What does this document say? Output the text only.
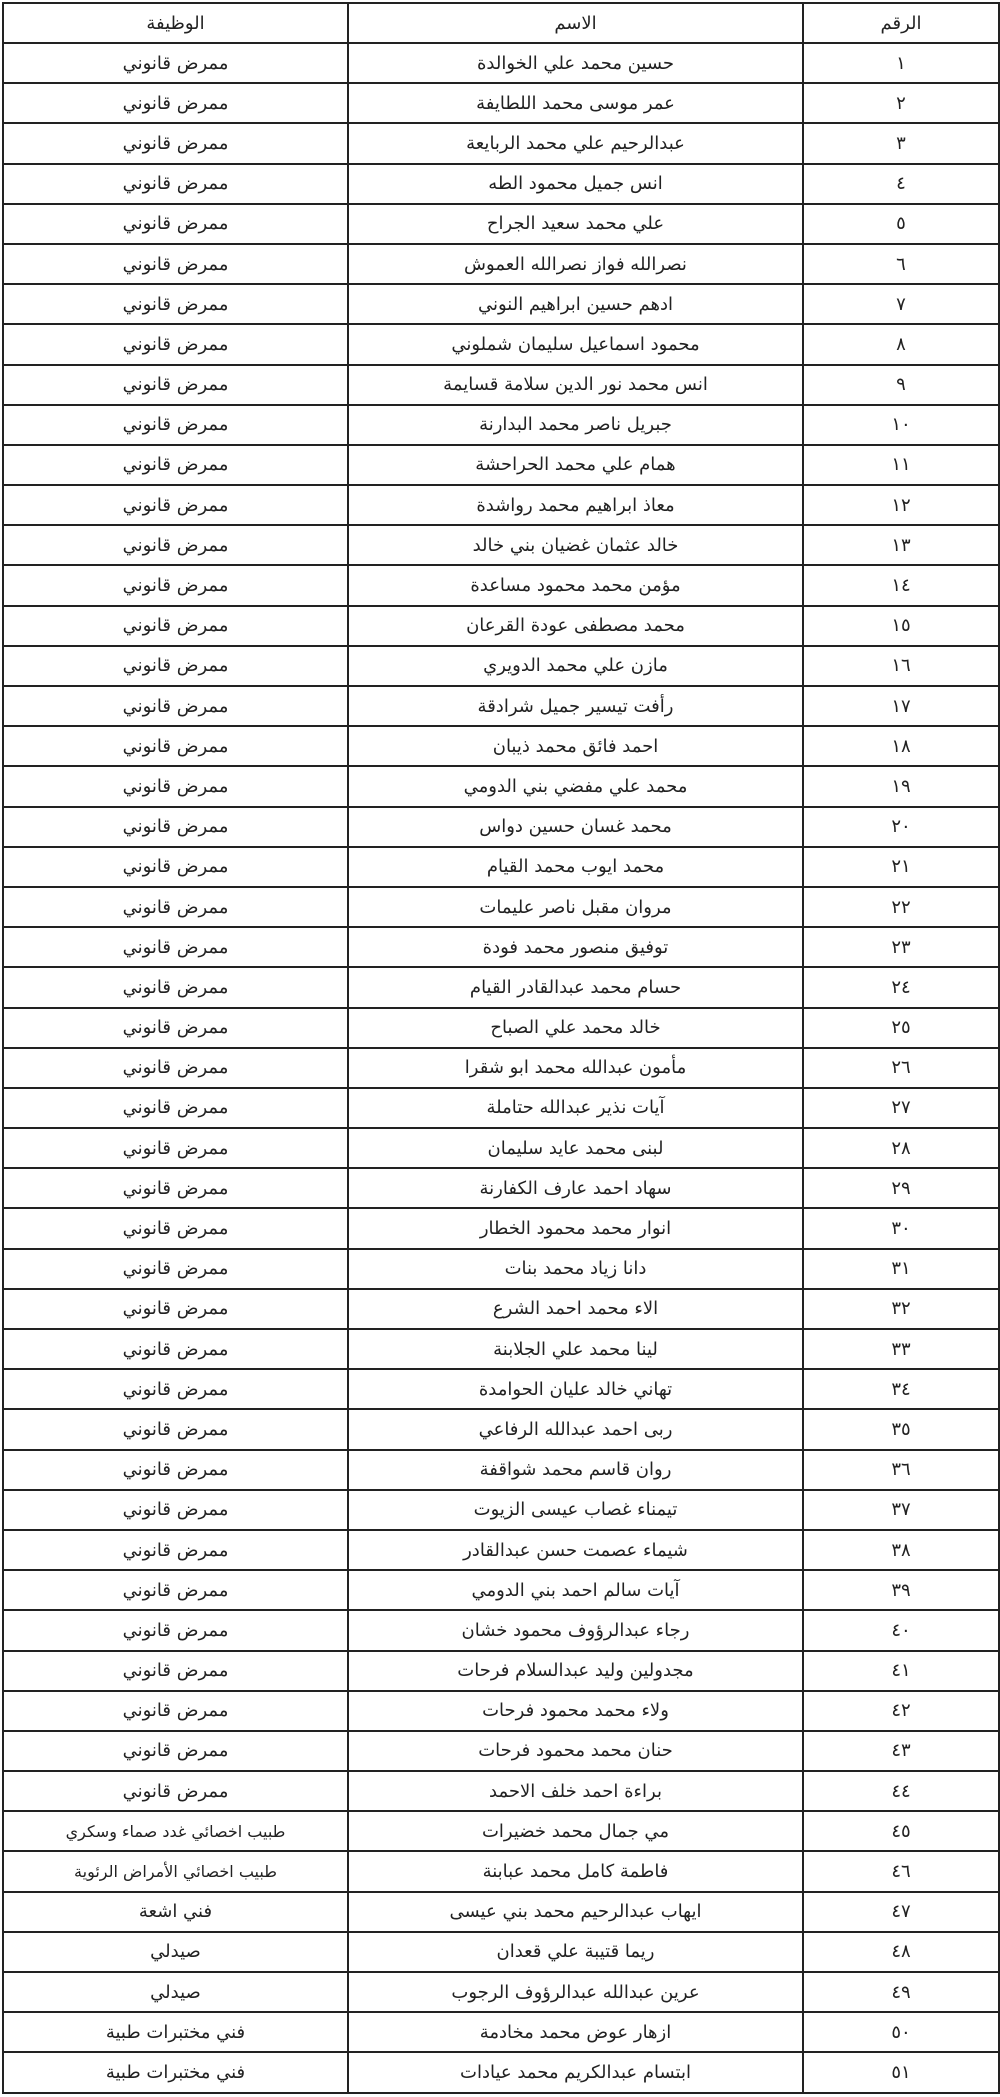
الرقم	الاسم	الوظيفة
١	حسين محمد علي الخوالدة	ممرض قانوني
٢	عمر موسى محمد اللطايفة	ممرض قانوني
٣	عبدالرحيم علي محمد الربايعة	ممرض قانوني
٤	انس جميل محمود الطه	ممرض قانوني
٥	علي محمد سعيد الجراح	ممرض قانوني
٦	نصرالله فواز نصرالله العموش	ممرض قانوني
٧	ادهم حسين ابراهيم النوني	ممرض قانوني
٨	محمود اسماعيل سليمان شملوني	ممرض قانوني
٩	انس محمد نور الدين سلامة قسايمة	ممرض قانوني
١٠	جبريل ناصر محمد البدارنة	ممرض قانوني
١١	همام علي محمد الحراحشة	ممرض قانوني
١٢	معاذ ابراهيم محمد رواشدة	ممرض قانوني
١٣	خالد عثمان غضيان بني خالد	ممرض قانوني
١٤	مؤمن محمد محمود مساعدة	ممرض قانوني
١٥	محمد مصطفى عودة القرعان	ممرض قانوني
١٦	مازن علي محمد الدويري	ممرض قانوني
١٧	رأفت تيسير جميل شرادقة	ممرض قانوني
١٨	احمد فائق محمد ذيبان	ممرض قانوني
١٩	محمد علي مفضي بني الدومي	ممرض قانوني
٢٠	محمد غسان حسين دواس	ممرض قانوني
٢١	محمد ايوب محمد القيام	ممرض قانوني
٢٢	مروان مقبل ناصر عليمات	ممرض قانوني
٢٣	توفيق منصور محمد فودة	ممرض قانوني
٢٤	حسام محمد عبدالقادر القيام	ممرض قانوني
٢٥	خالد محمد علي الصباح	ممرض قانوني
٢٦	مأمون عبدالله محمد ابو شقرا	ممرض قانوني
٢٧	آيات نذير عبدالله حتاملة	ممرض قانوني
٢٨	لبنى محمد عايد سليمان	ممرض قانوني
٢٩	سهاد احمد عارف الكفارنة	ممرض قانوني
٣٠	انوار محمد محمود الخطار	ممرض قانوني
٣١	دانا زياد محمد بنات	ممرض قانوني
٣٢	الاء محمد احمد الشرع	ممرض قانوني
٣٣	لينا محمد علي الجلابنة	ممرض قانوني
٣٤	تهاني خالد عليان الحوامدة	ممرض قانوني
٣٥	ربى احمد عبدالله الرفاعي	ممرض قانوني
٣٦	روان قاسم محمد شواقفة	ممرض قانوني
٣٧	تيمناء غصاب عيسى الزيوت	ممرض قانوني
٣٨	شيماء عصمت حسن عبدالقادر	ممرض قانوني
٣٩	آيات سالم احمد بني الدومي	ممرض قانوني
٤٠	رجاء عبدالرؤوف محمود خشان	ممرض قانوني
٤١	مجدولين وليد عبدالسلام فرحات	ممرض قانوني
٤٢	ولاء محمد محمود فرحات	ممرض قانوني
٤٣	حنان محمد محمود فرحات	ممرض قانوني
٤٤	براءة احمد خلف الاحمد	ممرض قانوني
٤٥	مي جمال محمد خضيرات	طبيب اخصائي غدد صماء وسكري
٤٦	فاطمة كامل محمد عبابنة	طبيب اخصائي الأمراض الرئوية
٤٧	ايهاب عبدالرحيم محمد بني عيسى	فني اشعة
٤٨	ريما قتيبة علي قعدان	صيدلي
٤٩	عرين عبدالله عبدالرؤوف الرجوب	صيدلي
٥٠	ازهار عوض محمد مخادمة	فني مختبرات طبية
٥١	ابتسام عبدالكريم محمد عيادات	فني مختبرات طبية
